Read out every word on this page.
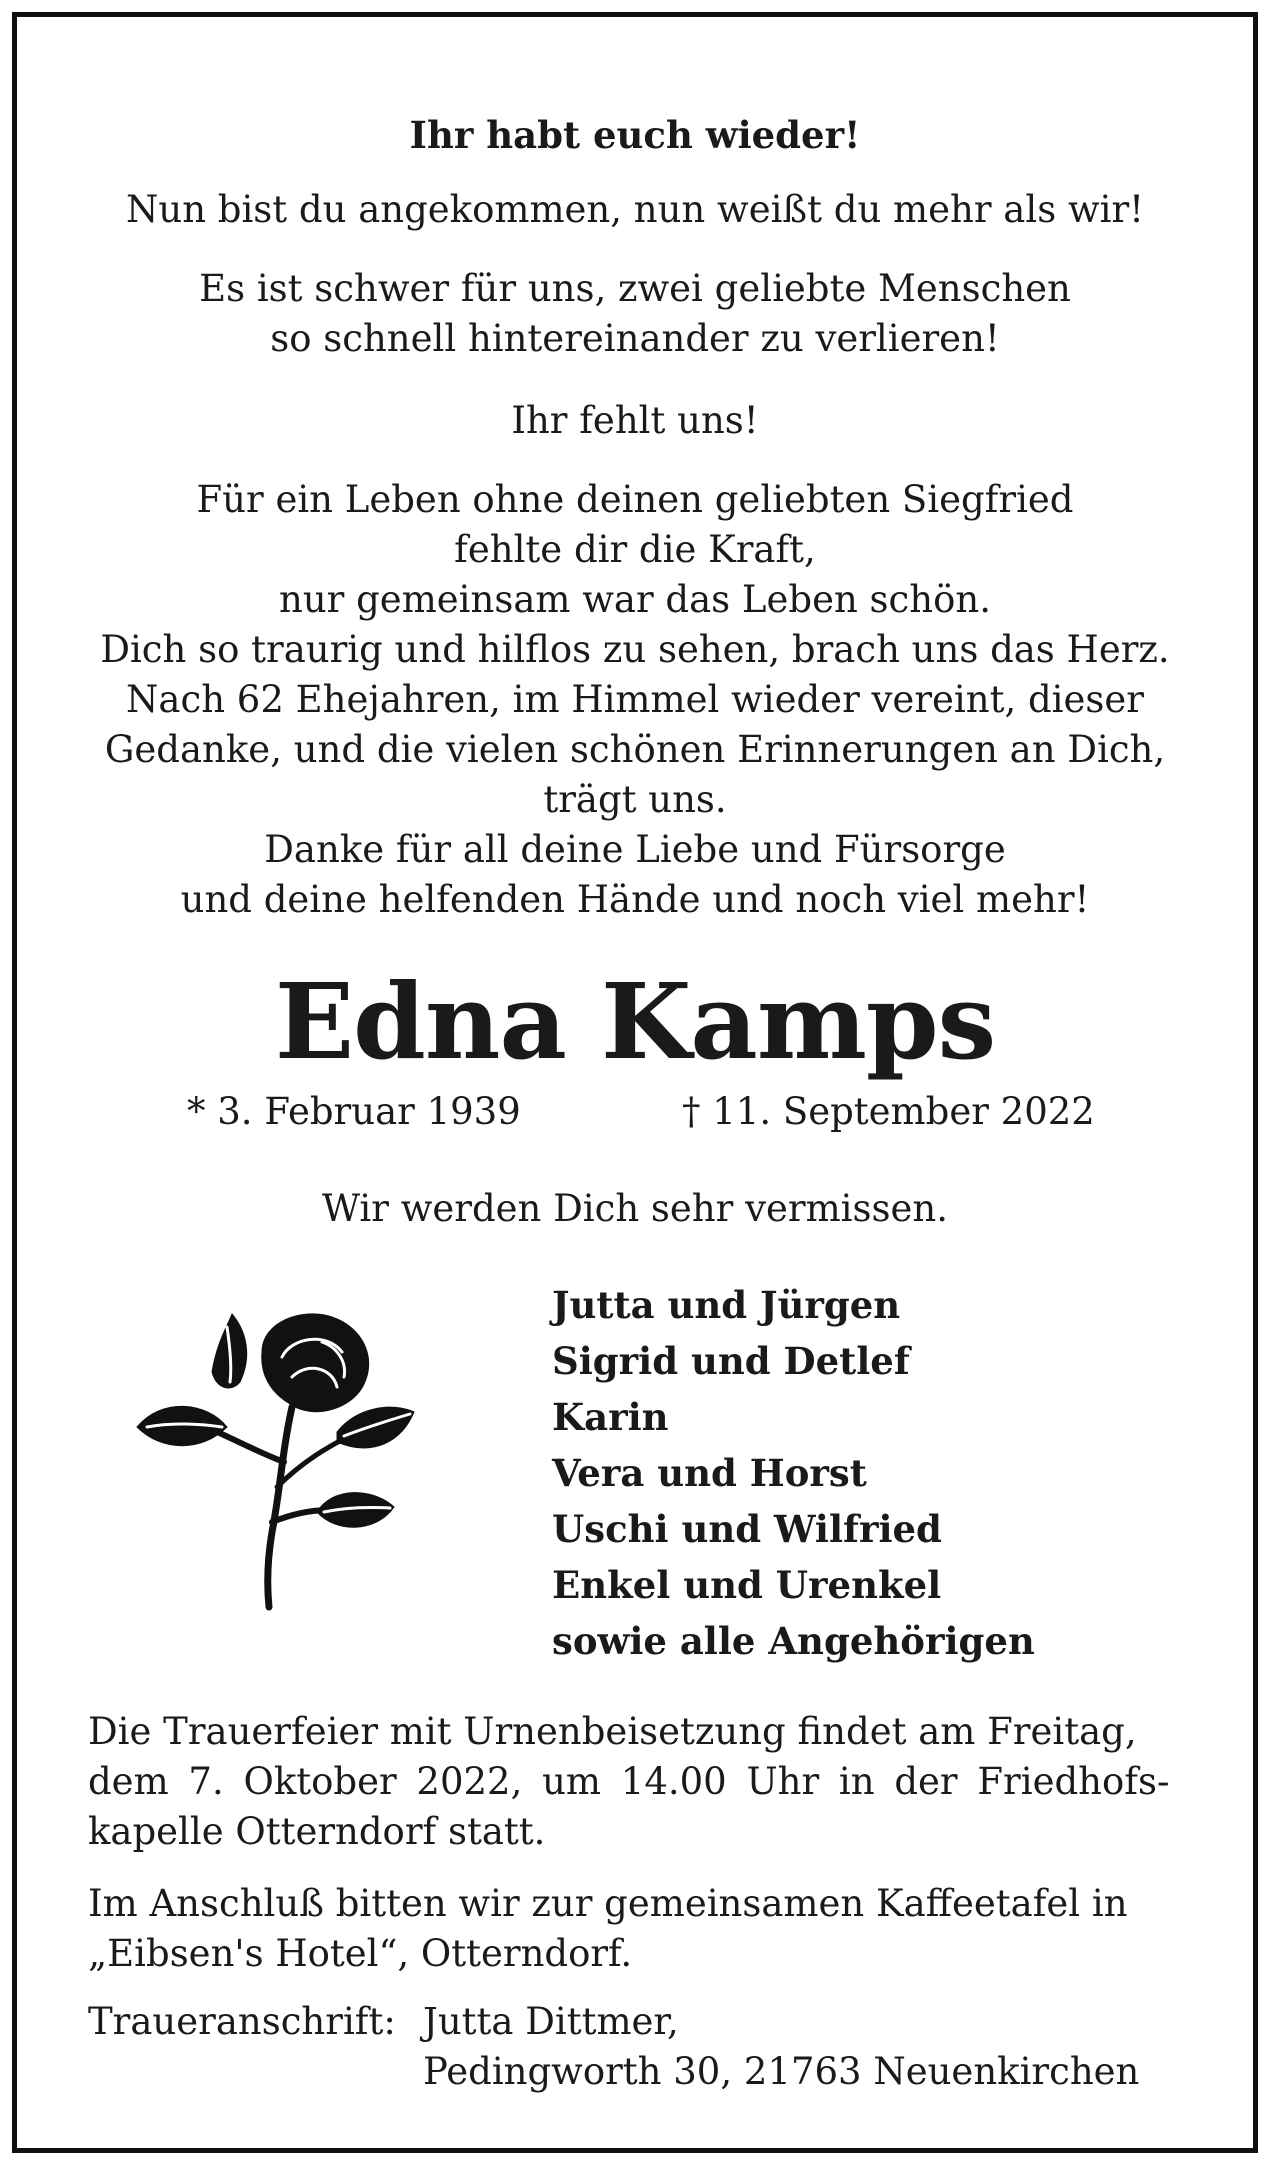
Ihr habt euch wieder!
Nun bist du angekommen, nun weißt du mehr als wir!
Es ist schwer für uns, zwei geliebte Menschen
so schnell hintereinander zu verlieren!
Ihr fehlt uns!
Für ein Leben ohne deinen geliebten Siegfried
fehlte dir die Kraft,
nur gemeinsam war das Leben schön.
Dich so traurig und hilflos zu sehen, brach uns das Herz.
Nach 62 Ehejahren, im Himmel wieder vereint, dieser
Gedanke, und die vielen schönen Erinnerungen an Dich,
trägt uns.
Danke für all deine Liebe und Fürsorge
und deine helfenden Hände und noch viel mehr!
Edna Kamps
* 3. Februar 1939	† 11. September 2022
Wir werden Dich sehr vermissen.
Jutta und Jürgen
Sigrid und Detlef
Karin
Vera und Horst
Uschi und Wilfried
Enkel und Urenkel
sowie alle Angehörigen
Die Trauerfeier mit Urnenbeisetzung findet am Freitag,
dem 7. Oktober 2022, um 14.00 Uhr in der Friedhofs-
kapelle Otterndorf statt.
Im Anschluß bitten wir zur gemeinsamen Kaffeetafel in
„Eibsen's Hotel“, Otterndorf.
Traueranschrift: Jutta Dittmer,
Pedingworth 30, 21763 Neuenkirchen
